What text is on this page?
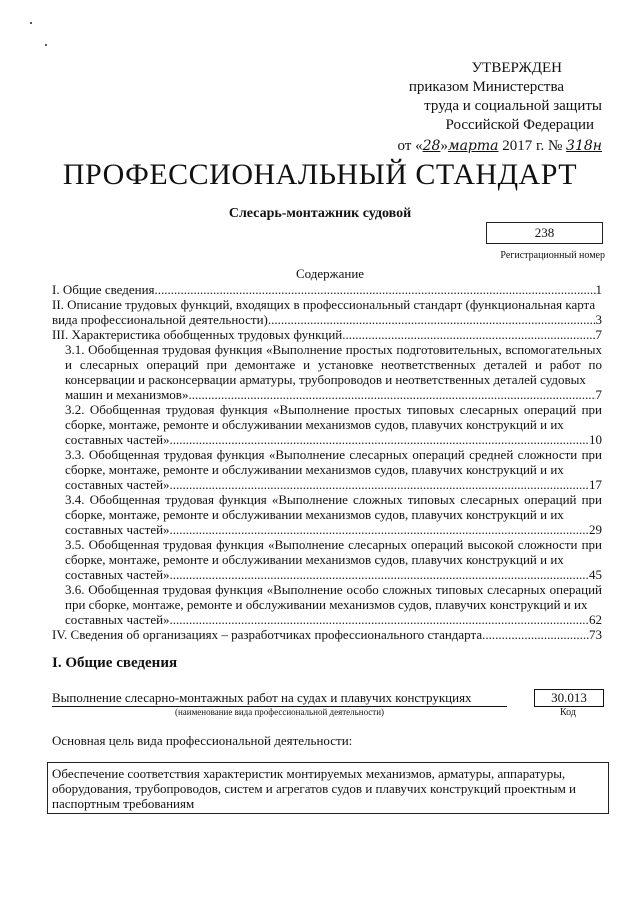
УТВЕРЖДЕН
приказом Министерства
труда и социальной защиты
Российской Федерации
от «28»марта 2017 г. № 318н
ПРОФЕССИОНАЛЬНЫЙ СТАНДАРТ
Слесарь-монтажник судовой
238
Регистрационный номер
Содержание
I. Общие сведения .....	1
II. Описание трудовых функций, входящих в профессиональный стандарт (функциональная карта
вида профессиональной деятельности) .....	3
III. Характеристика обобщенных трудовых функций .....	7
3.1. Обобщенная трудовая функция «Выполнение простых подготовительных, вспомогательных и слесарных операций при демонтаже и установке неответственных деталей и работ по консервации и расконсервации арматуры, трубопроводов и неответственных деталей судовых
машин и механизмов» .....	7
3.2. Обобщенная трудовая функция «Выполнение простых типовых слесарных операций при сборке, монтаже, ремонте и обслуживании механизмов судов, плавучих конструкций и их
составных частей» .....	10
3.3. Обобщенная трудовая функция «Выполнение слесарных операций средней сложности при сборке, монтаже, ремонте и обслуживании механизмов судов, плавучих конструкций и их
составных частей» .....	17
3.4. Обобщенная трудовая функция «Выполнение сложных типовых слесарных операций при сборке, монтаже, ремонте и обслуживании механизмов судов, плавучих конструкций и их
составных частей» .....	29
3.5. Обобщенная трудовая функция «Выполнение слесарных операций высокой сложности при сборке, монтаже, ремонте и обслуживании механизмов судов, плавучих конструкций и их
составных частей» .....	45
3.6. Обобщенная трудовая функция «Выполнение особо сложных типовых слесарных операций при сборке, монтаже, ремонте и обслуживании механизмов судов, плавучих конструкций и их
составных частей» .....	62
IV. Сведения об организациях – разработчиках профессионального стандарта .....	73
I. Общие сведения
Выполнение слесарно-монтажных работ на судах и плавучих конструкциях
(наименование вида профессиональной деятельности)
30.013
Код
Основная цель вида профессиональной деятельности:
Обеспечение соответствия характеристик монтируемых механизмов, арматуры, аппаратуры, оборудования, трубопроводов, систем и агрегатов судов и плавучих конструкций проектным и паспортным требованиям
